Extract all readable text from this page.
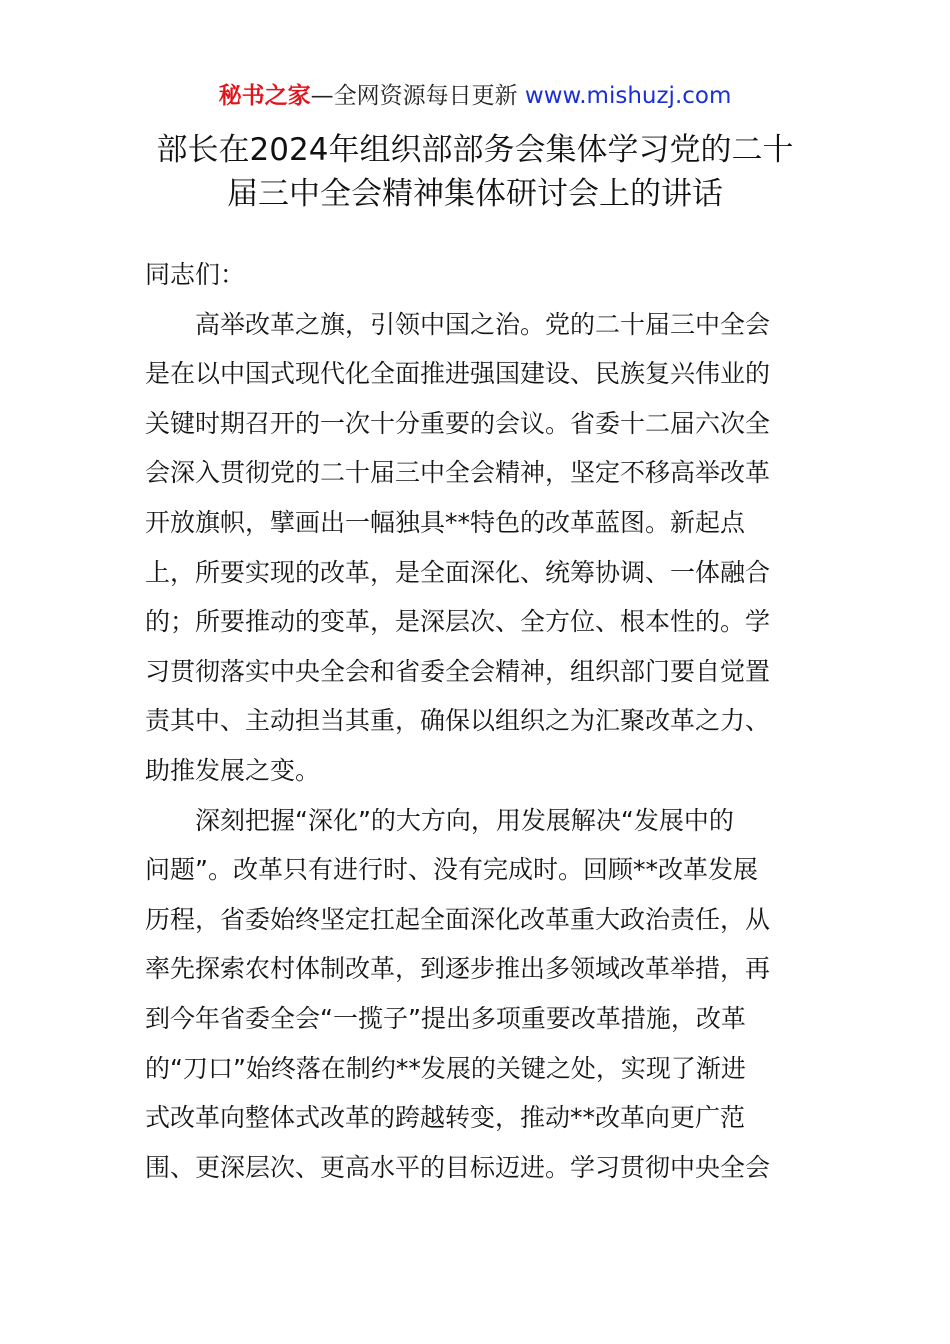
秘书之家—全网资源每日更新 www.mishuzj.com
部长在2024年组织部部务会集体学习党的二十
届三中全会精神集体研讨会上的讲话
同志们：
高举改革之旗，引领中国之治。党的二十届三中全会
是在以中国式现代化全面推进强国建设、民族复兴伟业的
关键时期召开的一次十分重要的会议。省委十二届六次全
会深入贯彻党的二十届三中全会精神，坚定不移高举改革
开放旗帜，擘画出一幅独具**特色的改革蓝图。新起点
上，所要实现的改革，是全面深化、统筹协调、一体融合
的；所要推动的变革，是深层次、全方位、根本性的。学
习贯彻落实中央全会和省委全会精神，组织部门要自觉置
责其中、主动担当其重，确保以组织之为汇聚改革之力、
助推发展之变。
深刻把握“深化”的大方向，用发展解决“发展中的
问题”。改革只有进行时、没有完成时。回顾**改革发展
历程，省委始终坚定扛起全面深化改革重大政治责任，从
率先探索农村体制改革，到逐步推出多领域改革举措，再
到今年省委全会“一揽子”提出多项重要改革措施，改革
的“刀口”始终落在制约**发展的关键之处，实现了渐进
式改革向整体式改革的跨越转变，推动**改革向更广范
围、更深层次、更高水平的目标迈进。学习贯彻中央全会
